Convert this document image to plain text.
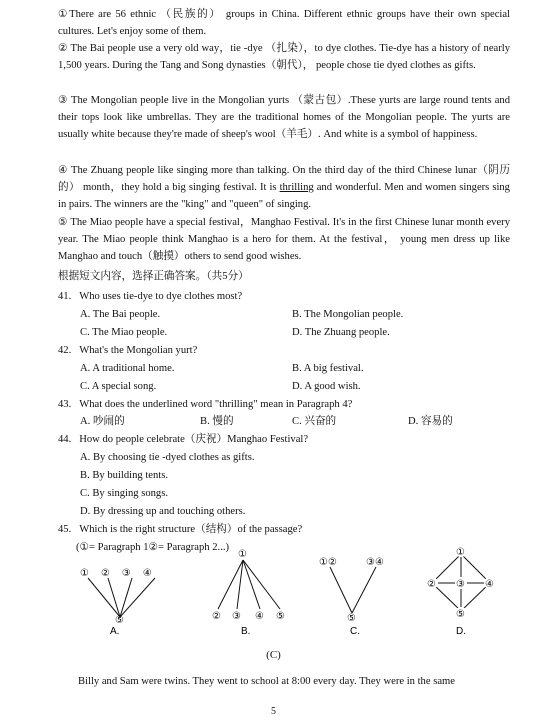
①There are 56 ethnic （民族的） groups in China. Different ethnic groups have their own special cultures. Let's enjoy some of them.
② The Bai people use a very old way，tie -dye （扎染），to dye clothes. Tie-dye has a history of nearly 1,500 years. During the Tang and Song dynasties（朝代）， people chose tie dyed clothes as gifts.
③ The Mongolian people live in the Mongolian yurts （蒙古包）.These yurts are large round tents and their tops look like umbrellas. They are the traditional homes of the Mongolian people. The yurts are usually white because they're made of sheep's wool（羊毛）. And white is a symbol of happiness.
④ The Zhuang people like singing more than talking. On the third day of the third Chinese lunar（阴历的） month，they hold a big singing festival. It is thrilling and wonderful. Men and women singers sing in pairs. The winners are the "king" and "queen" of singing.
⑤ The Miao people have a special festival，Manghao Festival. It's in the first Chinese lunar month every year. The Miao people think Manghao is a hero for them. At the festival， young men dress up like Manghao and touch（触摸）others to send good wishes.
根据短文内容，选择正确答案。（共5分）
41. Who uses tie-dye to dye clothes most?
A. The Bai people.	B. The Mongolian people.
C. The Miao people.	D. The Zhuang people.
42. What's the Mongolian yurt?
A. A traditional home.	B. A big festival.
C. A special song.	D. A good wish.
43. What does the underlined word "thrilling" mean in Paragraph 4?
A. 吵闹的	B. 慢的	C. 兴奋的	D. 容易的
44. How do people celebrate（庆祝）Manghao Festival?
A. By choosing tie -dyed clothes as gifts.
B. By building tents.
C. By singing songs.
D. By dressing up and touching others.
45. Which is the right structure（结构）of the passage?
(①= Paragraph 1②= Paragraph 2...)
①②③④
⑤
A.
①
② ③ ④ ⑤
B.
①②	③④
⑤
C.
①
② ③ ④
⑤
D.
(C)
Billy and Sam were twins. They went to school at 8:00 every day. They were in the same
5
